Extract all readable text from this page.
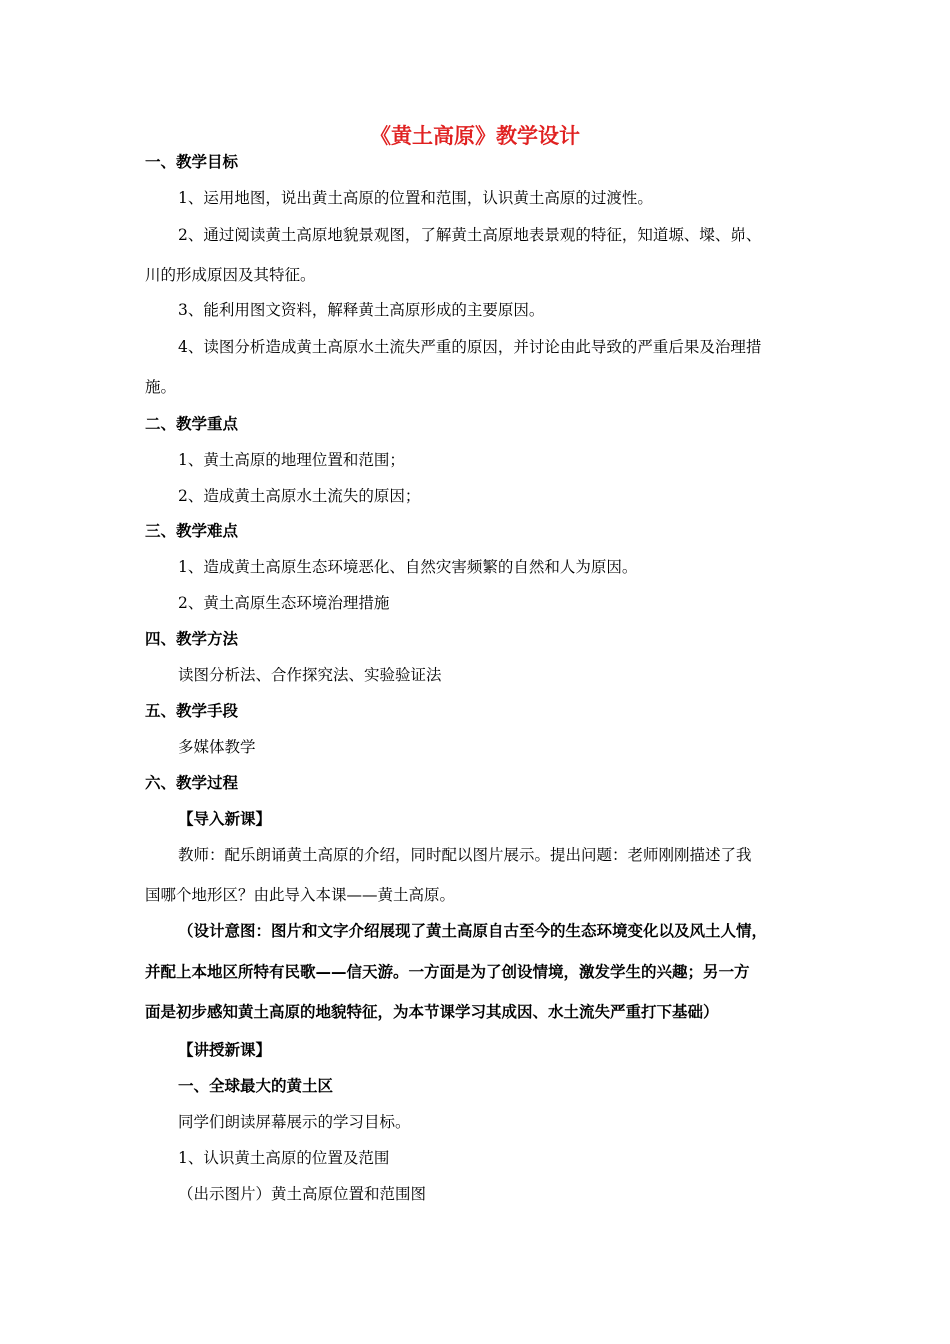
《黄土高原》教学设计
一、教学目标
1、运用地图，说出黄土高原的位置和范围，认识黄土高原的过渡性。
2、通过阅读黄土高原地貌景观图，了解黄土高原地表景观的特征，知道塬、墚、峁、
川的形成原因及其特征。
3、能利用图文资料，解释黄土高原形成的主要原因。
4、读图分析造成黄土高原水土流失严重的原因，并讨论由此导致的严重后果及治理措
施。
二、教学重点
1、黄土高原的地理位置和范围；
2、造成黄土高原水土流失的原因；
三、教学难点
1、造成黄土高原生态环境恶化、自然灾害频繁的自然和人为原因。
2、黄土高原生态环境治理措施
四、教学方法
读图分析法、合作探究法、实验验证法
五、教学手段
多媒体教学
六、教学过程
【导入新课】
教师：配乐朗诵黄土高原的介绍，同时配以图片展示。提出问题：老师刚刚描述了我
国哪个地形区？由此导入本课——黄土高原。
（设计意图：图片和文字介绍展现了黄土高原自古至今的生态环境变化以及风土人情，
并配上本地区所特有民歌——信天游。一方面是为了创设情境，激发学生的兴趣；另一方
面是初步感知黄土高原的地貌特征，为本节课学习其成因、水土流失严重打下基础）
【讲授新课】
一、全球最大的黄土区
同学们朗读屏幕展示的学习目标。
1、认识黄土高原的位置及范围
（出示图片）黄土高原位置和范围图
